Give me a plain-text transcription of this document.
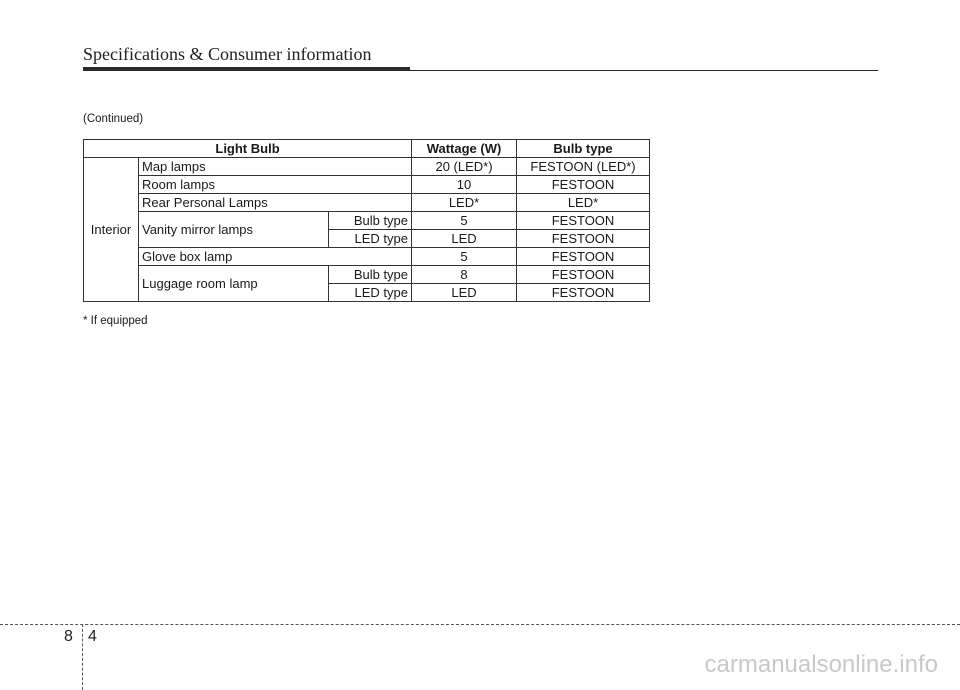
Specifications & Consumer information
(Continued)
Light Bulb			Wattage (W)	Bulb type
Interior	Map lamps		20 (LED*)	FESTOON (LED*)
	Room lamps		10	FESTOON
	Rear Personal Lamps		LED*	LED*
	Vanity mirror lamps	Bulb type	5	FESTOON
		LED type	LED	FESTOON
	Glove box lamp		5	FESTOON
	Luggage room lamp	Bulb type	8	FESTOON
		LED type	LED	FESTOON
* If equipped
8 4
carmanualsonline.info
